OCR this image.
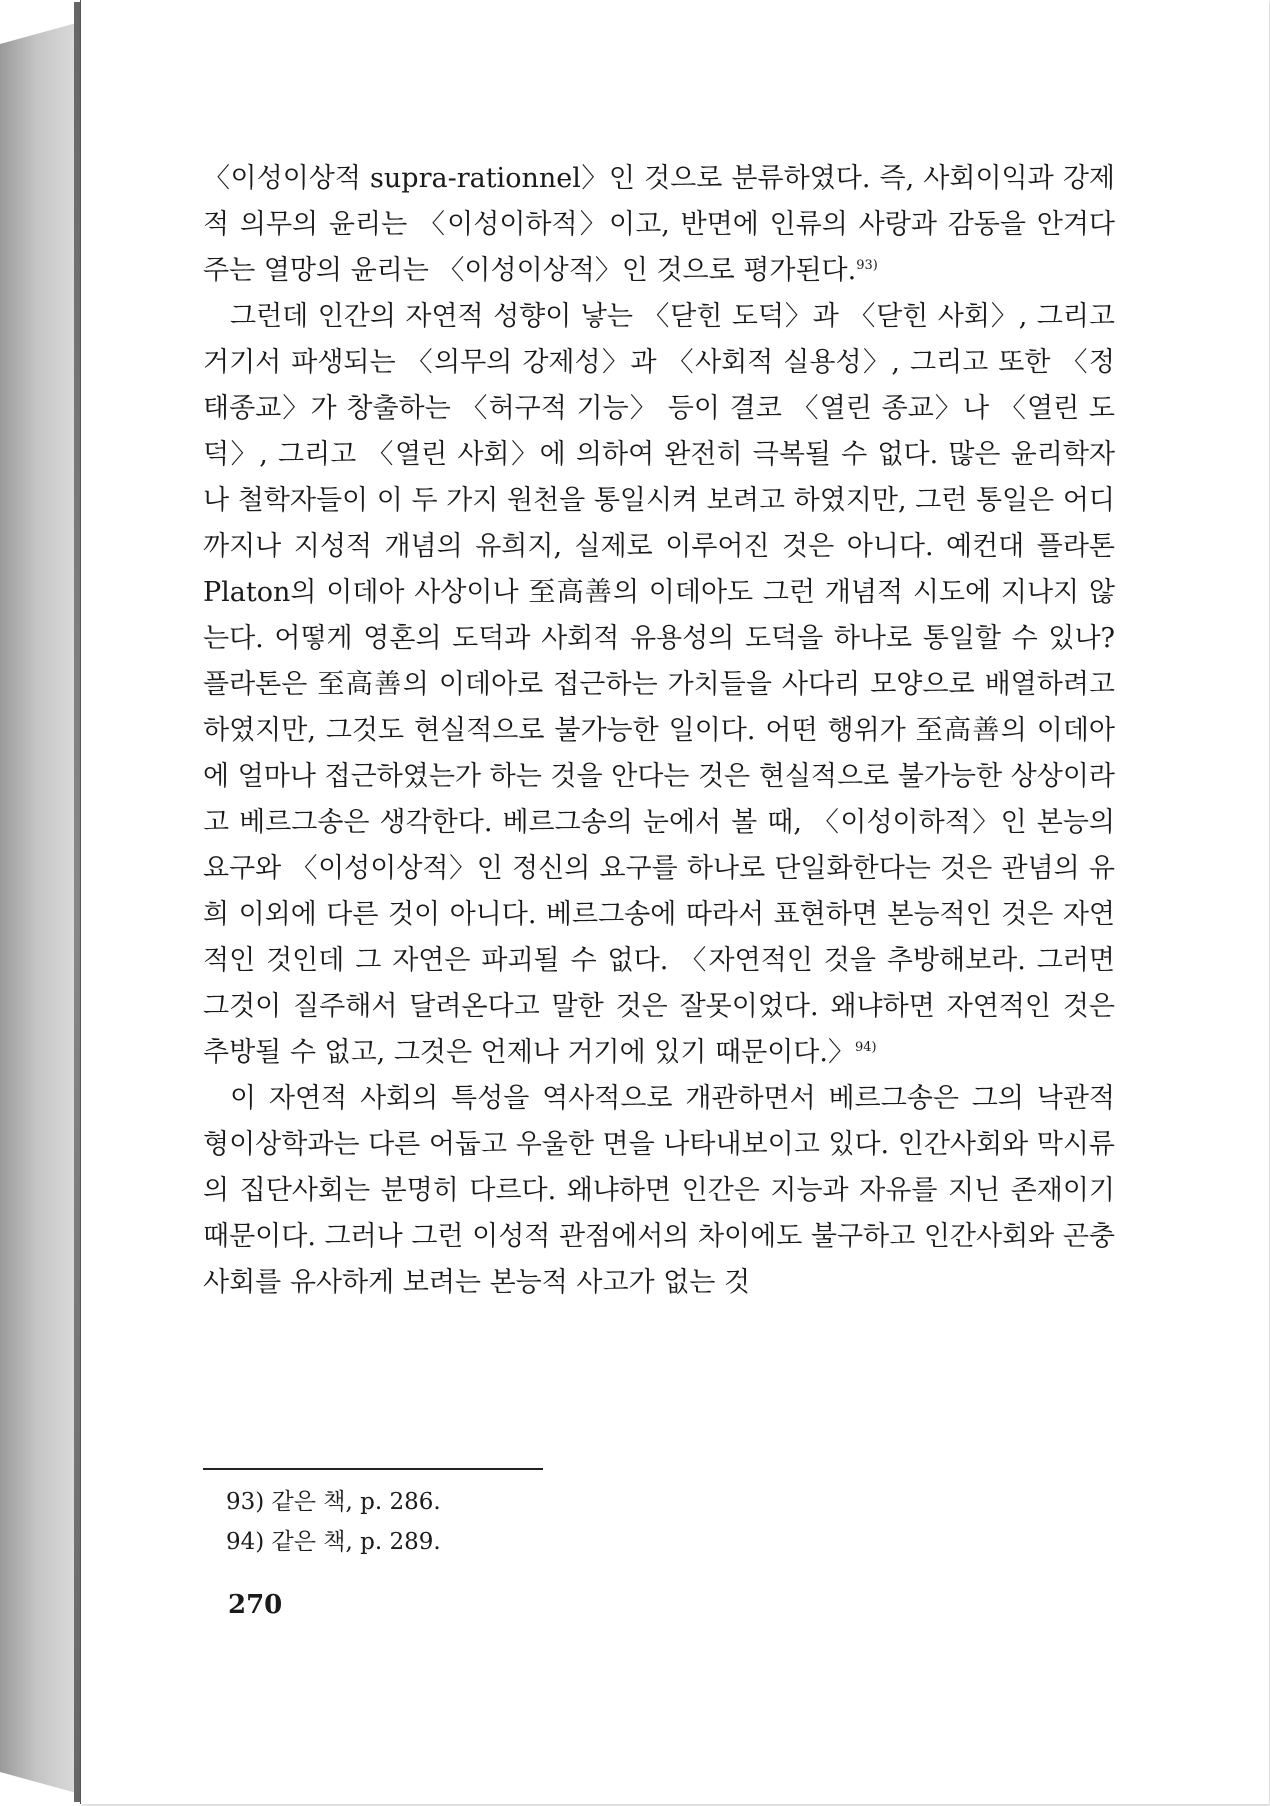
〈이성이상적 supra-rationnel〉인 것으로 분류하였다. 즉, 사회이익과 강제적 의무의 윤리는 〈이성이하적〉이고, 반면에 인류의 사랑과 감동을 안겨다주는 열망의 윤리는 〈이성이상적〉인 것으로 평가된다.$^{93)}$

그런데 인간의 자연적 성향이 낳는 〈닫힌 도덕〉과 〈닫힌 사회〉, 그리고 거기서 파생되는 〈의무의 강제성〉과 〈사회적 실용성〉, 그리고 또한 〈정태종교〉가 창출하는 〈허구적 기능〉 등이 결코 〈열린 종교〉나 〈열린 도덕〉, 그리고 〈열린 사회〉에 의하여 완전히 극복될 수 없다. 많은 윤리학자나 철학자들이 이 두 가지 원천을 통일시켜 보려고 하였지만, 그런 통일은 어디까지나 지성적 개념의 유희지, 실제로 이루어진 것은 아니다. 예컨대 플라톤 Platon의 이데아 사상이나 至高善의 이데아도 그런 개념적 시도에 지나지 않는다. 어떻게 영혼의 도덕과 사회적 유용성의 도덕을 하나로 통일할 수 있나? 플라톤은 至高善의 이데아로 접근하는 가치들을 사다리 모양으로 배열하려고 하였지만, 그것도 현실적으로 불가능한 일이다. 어떤 행위가 至高善의 이데아에 얼마나 접근하였는가 하는 것을 안다는 것은 현실적으로 불가능한 상상이라고 베르그송은 생각한다. 베르그송의 눈에서 볼 때, 〈이성이하적〉인 본능의 요구와 〈이성이상적〉인 정신의 요구를 하나로 단일화한다는 것은 관념의 유희 이외에 다른 것이 아니다. 베르그송에 따라서 표현하면 본능적인 것은 자연적인 것인데 그 자연은 파괴될 수 없다. 〈자연적인 것을 추방해보라. 그러면 그것이 질주해서 달려온다고 말한 것은 잘못이었다. 왜냐하면 자연적인 것은 추방될 수 없고, 그것은 언제나 거기에 있기 때문이다.〉$^{94)}$

이 자연적 사회의 특성을 역사적으로 개관하면서 베르그송은 그의 낙관적 형이상학과는 다른 어둡고 우울한 면을 나타내보이고 있다. 인간사회와 막시류의 집단사회는 분명히 다르다. 왜냐하면 인간은 지능과 자유를 지닌 존재이기 때문이다. 그러나 그런 이성적 관점에서의 차이에도 불구하고 인간사회와 곤충사회를 유사하게 보려는 본능적 사고가 없는 것

93) 같은 책, p. 286.

94) 같은 책, p. 289.

270
